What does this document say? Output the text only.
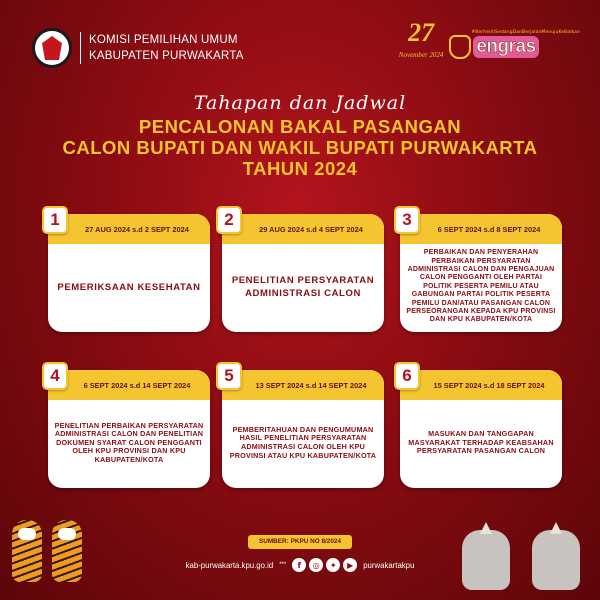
KOMISI PEMILIHAN UMUM
KABUPATEN PURWAKARTA
27
November 2024
#BerhentiSedangDanBerjalanMenujuKeBaikan
engras
Tahapan dan Jadwal
PENCALONAN BAKAL PASANGAN
CALON BUPATI DAN WAKIL BUPATI PURWAKARTA
TAHUN 2024
27 AUG 2024 s.d 2 SEPT 2024
1
PEMERIKSAAN KESEHATAN
29 AUG 2024 s.d 4 SEPT 2024
2
PENELITIAN PERSYARATAN ADMINISTRASI CALON
6 SEPT 2024 s.d 8 SEPT 2024
3
PERBAIKAN DAN PENYERAHAN PERBAIKAN PERSYARATAN ADMINISTRASI CALON DAN PENGAJUAN CALON PENGGANTI OLEH PARTAI POLITIK PESERTA PEMILU ATAU GABUNGAN PARTAI POLITIK PESERTA PEMILU DAN/ATAU PASANGAN CALON PERSEORANGAN KEPADA KPU PROVINSI DAN KPU KABUPATEN/KOTA
6 SEPT 2024 s.d 14 SEPT 2024
4
PENELITIAN PERBAIKAN PERSYARATAN ADMINISTRASI CALON DAN PENELITIAN DOKUMEN SYARAT CALON PENGGANTI OLEH KPU PROVINSI DAN KPU KABUPATEN/KOTA
13 SEPT 2024 s.d 14 SEPT 2024
5
PEMBERITAHUAN DAN PENGUMUMAN HASIL PENELITIAN PERSYARATAN ADMINISTRASI CALON OLEH KPU PROVINSI ATAU KPU KABUPATEN/KOTA
15 SEPT 2024 s.d 18 SEPT 2024
6
MASUKAN DAN TANGGAPAN MASYARAKAT TERHADAP KEABSAHAN PERSYARATAN PASANGAN CALON
SUMBER: PKPU NO 8/2024
kab-purwakarta.kpu.go.id ***	f	◎	✦	▶	purwakartakpu
